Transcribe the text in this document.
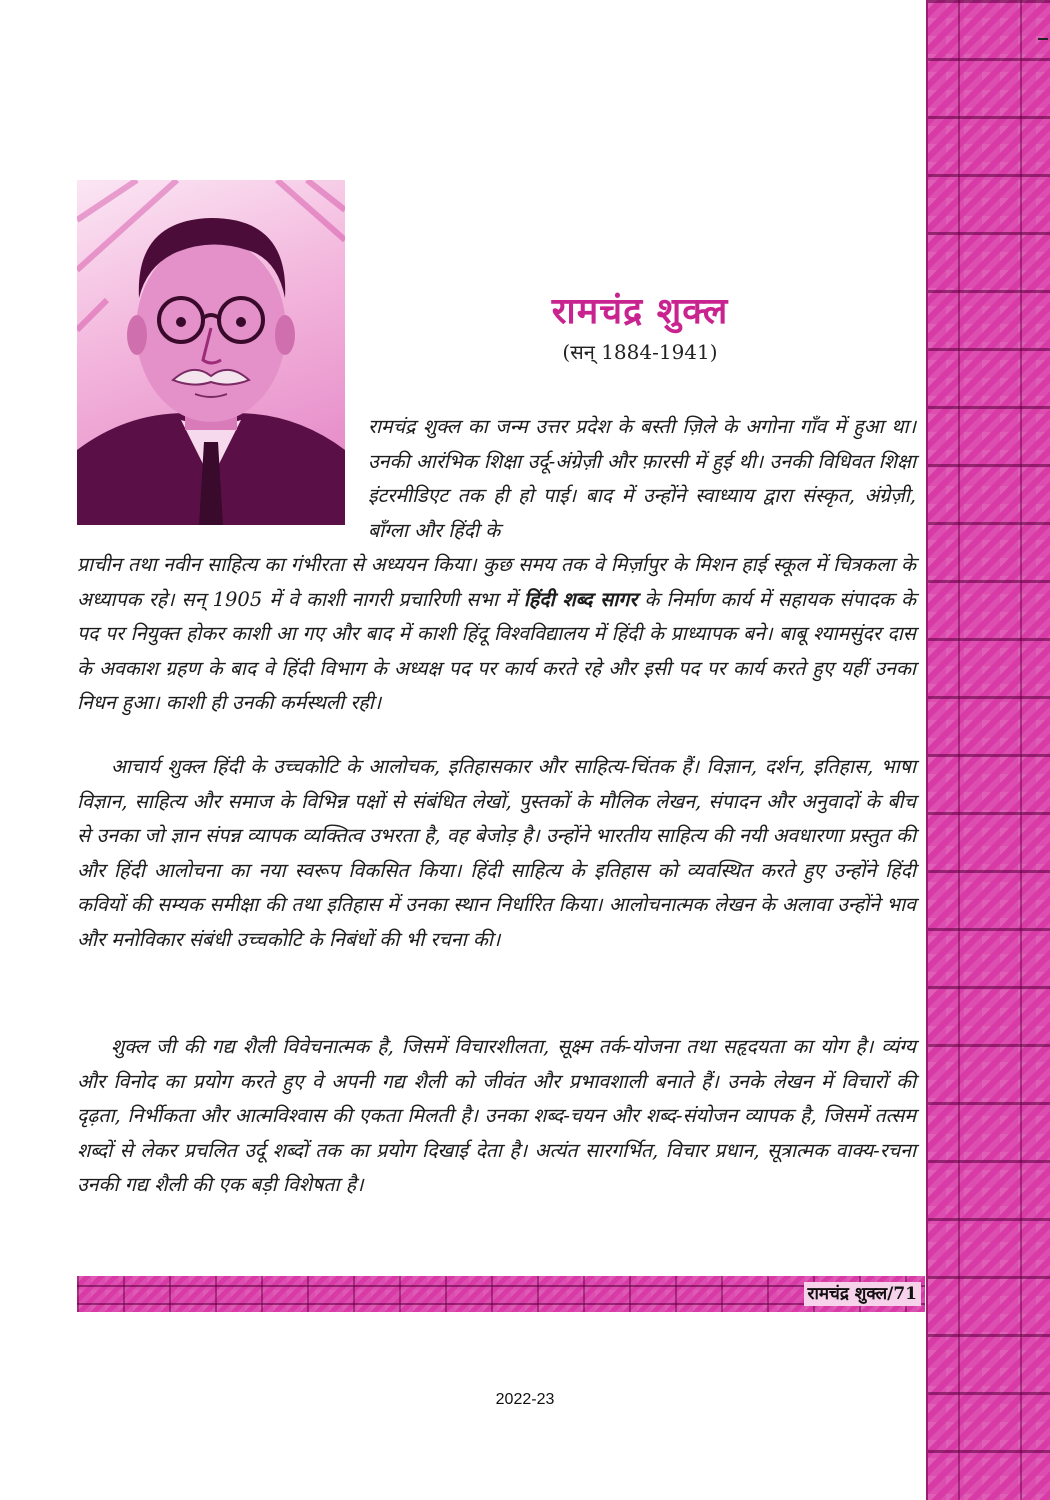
रामचंद्र शुक्ल
(सन् 1884-1941)
रामचंद्र शुक्ल का जन्म उत्तर प्रदेश के बस्ती ज़िले के अगोना गाँव में हुआ था। उनकी आरंभिक शिक्षा उर्दू-अंग्रेज़ी और फ़ारसी में हुई थी। उनकी विधिवत शिक्षा इंटरमीडिएट तक ही हो पाई। बाद में उन्होंने स्वाध्याय द्वारा संस्कृत, अंग्रेज़ी, बाँग्ला और हिंदी के
प्राचीन तथा नवीन साहित्य का गंभीरता से अध्ययन किया। कुछ समय तक वे मिर्ज़ापुर के मिशन हाई स्कूल में चित्रकला के अध्यापक रहे। सन् 1905 में वे काशी नागरी प्रचारिणी सभा में हिंदी शब्द सागर के निर्माण कार्य में सहायक संपादक के पद पर नियुक्त होकर काशी आ गए और बाद में काशी हिंदू विश्वविद्यालय में हिंदी के प्राध्यापक बने। बाबू श्यामसुंदर दास के अवकाश ग्रहण के बाद वे हिंदी विभाग के अध्यक्ष पद पर कार्य करते रहे और इसी पद पर कार्य करते हुए यहीं उनका निधन हुआ। काशी ही उनकी कर्मस्थली रही।
आचार्य शुक्ल हिंदी के उच्चकोटि के आलोचक, इतिहासकार और साहित्य-चिंतक हैं। विज्ञान, दर्शन, इतिहास, भाषा विज्ञान, साहित्य और समाज के विभिन्न पक्षों से संबंधित लेखों, पुस्तकों के मौलिक लेखन, संपादन और अनुवादों के बीच से उनका जो ज्ञान संपन्न व्यापक व्यक्तित्व उभरता है, वह बेजोड़ है। उन्होंने भारतीय साहित्य की नयी अवधारणा प्रस्तुत की और हिंदी आलोचना का नया स्वरूप विकसित किया। हिंदी साहित्य के इतिहास को व्यवस्थित करते हुए उन्होंने हिंदी कवियों की सम्यक समीक्षा की तथा इतिहास में उनका स्थान निर्धारित किया। आलोचनात्मक लेखन के अलावा उन्होंने भाव और मनोविकार संबंधी उच्चकोटि के निबंधों की भी रचना की।
शुक्ल जी की गद्य शैली विवेचनात्मक है, जिसमें विचारशीलता, सूक्ष्म तर्क-योजना तथा सहृदयता का योग है। व्यंग्य और विनोद का प्रयोग करते हुए वे अपनी गद्य शैली को जीवंत और प्रभावशाली बनाते हैं। उनके लेखन में विचारों की दृढ़ता, निर्भीकता और आत्मविश्वास की एकता मिलती है। उनका शब्द-चयन और शब्द-संयोजन व्यापक है, जिसमें तत्सम शब्दों से लेकर प्रचलित उर्दू शब्दों तक का प्रयोग दिखाई देता है। अत्यंत सारगर्भित, विचार प्रधान, सूत्रात्मक वाक्य-रचना उनकी गद्य शैली की एक बड़ी विशेषता है।
रामचंद्र शुक्ल/71
2022-23
